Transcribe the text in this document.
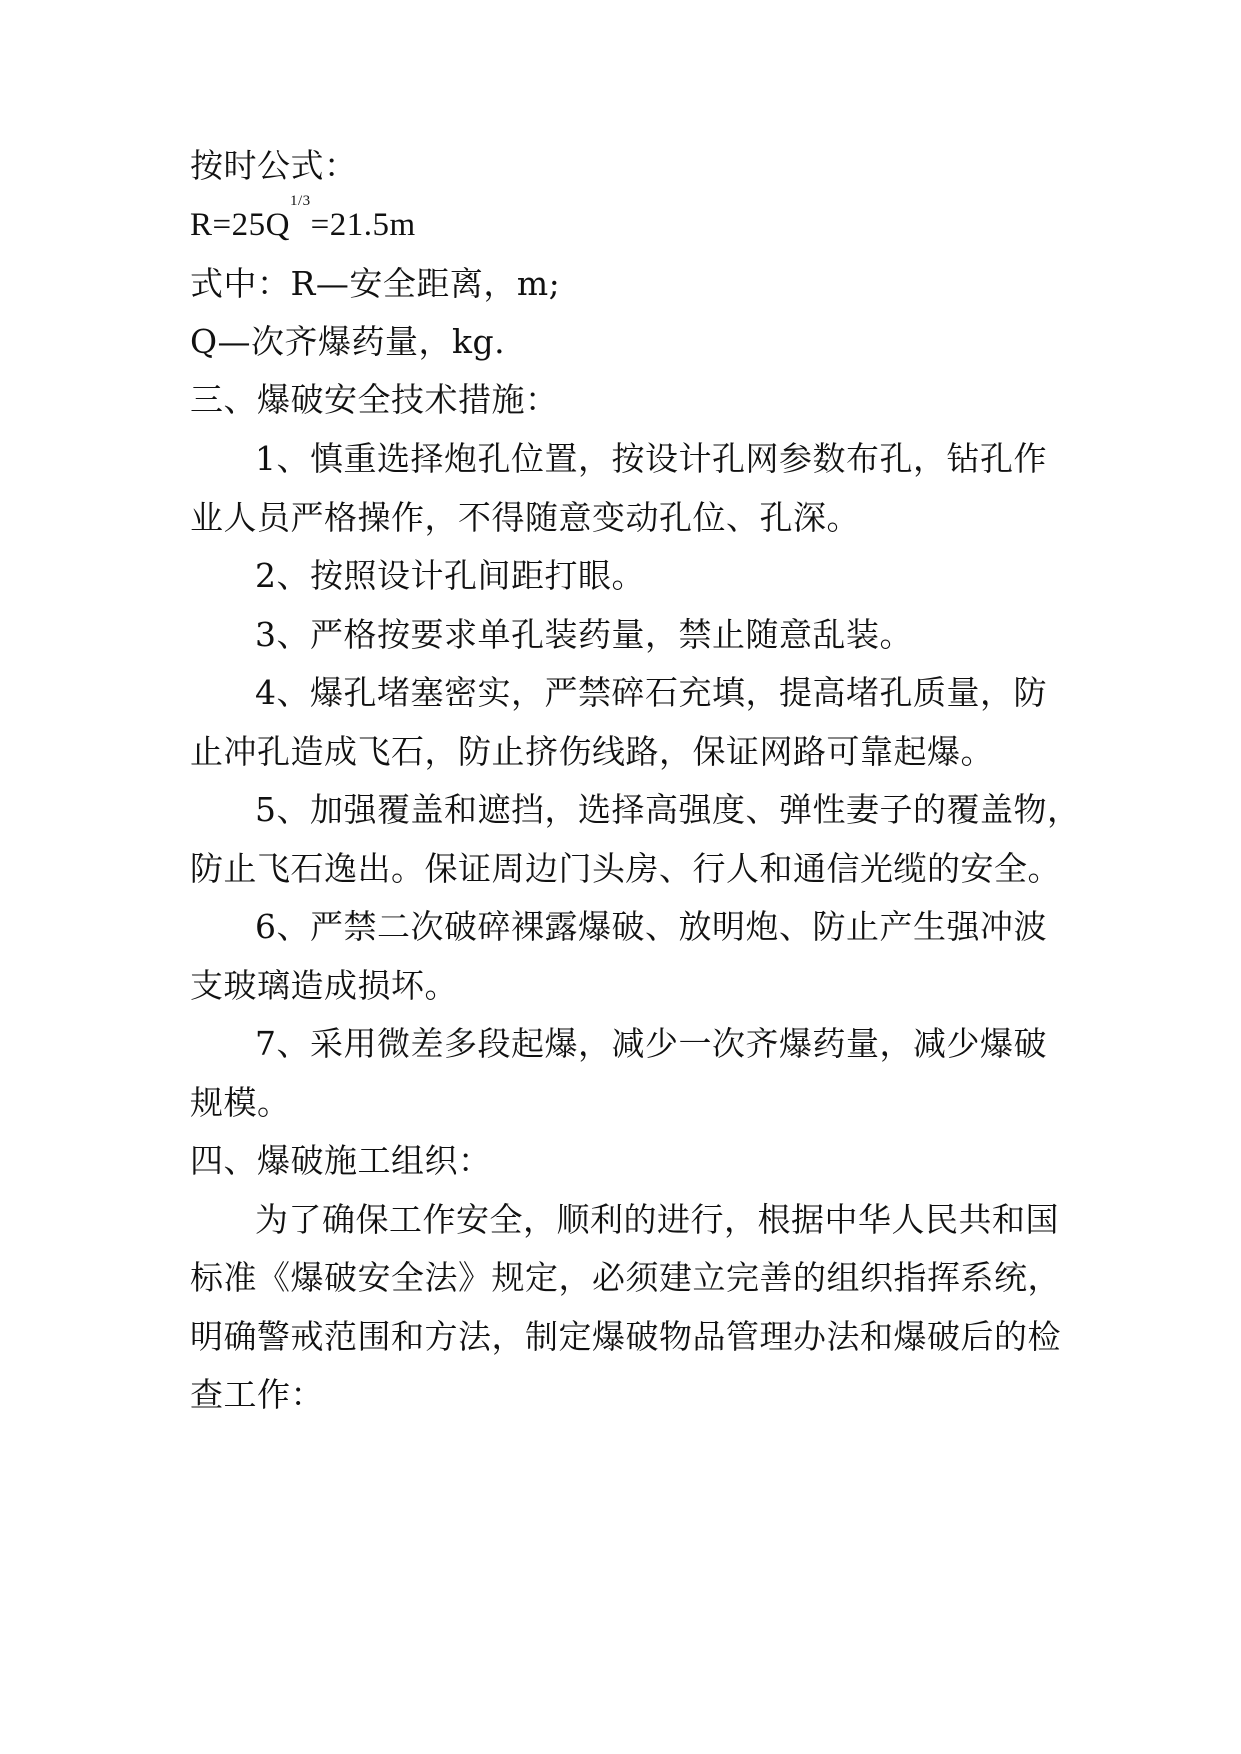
按时公式：
$R=25Q^{1/3}=21.5m$
式中：R—安全距离，m;
Q—次齐爆药量，kg.
三、爆破安全技术措施：
1、慎重选择炮孔位置，按设计孔网参数布孔，钻孔作
业人员严格操作，不得随意变动孔位、孔深。
2、按照设计孔间距打眼。
3、严格按要求单孔装药量，禁止随意乱装。
4、爆孔堵塞密实，严禁碎石充填，提高堵孔质量，防
止冲孔造成飞石，防止挤伤线路，保证网路可靠起爆。
5、加强覆盖和遮挡，选择高强度、弹性妻子的覆盖物，
防止飞石逸出。保证周边门头房、行人和通信光缆的安全。
6、严禁二次破碎裸露爆破、放明炮、防止产生强冲波
支玻璃造成损坏。
7、采用微差多段起爆，减少一次齐爆药量，减少爆破
规模。
四、爆破施工组织：
为了确保工作安全，顺利的进行，根据中华人民共和国
标准《爆破安全法》规定，必须建立完善的组织指挥系统，
明确警戒范围和方法，制定爆破物品管理办法和爆破后的检
查工作：
